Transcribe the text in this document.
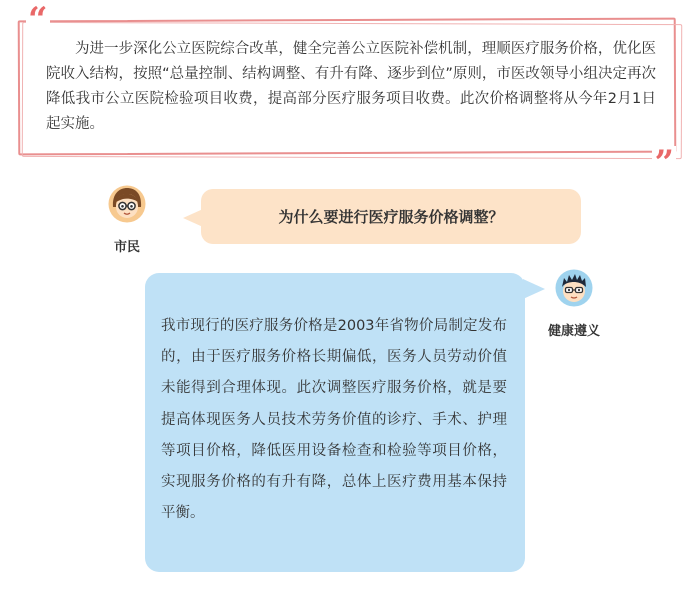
“

为进一步深化公立医院综合改革，健全完善公立医院补偿机制，理顺医疗服务价格，优化医院收入结构，按照“总量控制、结构调整、有升有降、逐步到位”原则，市医改领导小组决定再次降低我市公立医院检验项目收费，提高部分医疗服务项目收费。此次价格调整将从今年2月1日起实施。

”
市民
为什么要进行医疗服务价格调整？
健康遵义

我市现行的医疗服务价格是2003年省物价局制定发布的，由于医疗服务价格长期偏低，医务人员劳动价值未能得到合理体现。此次调整医疗服务价格，就是要提高体现医务人员技术劳务价值的诊疗、手术、护理等项目价格，降低医用设备检查和检验等项目价格，实现服务价格的有升有降，总体上医疗费用基本保持平衡。
